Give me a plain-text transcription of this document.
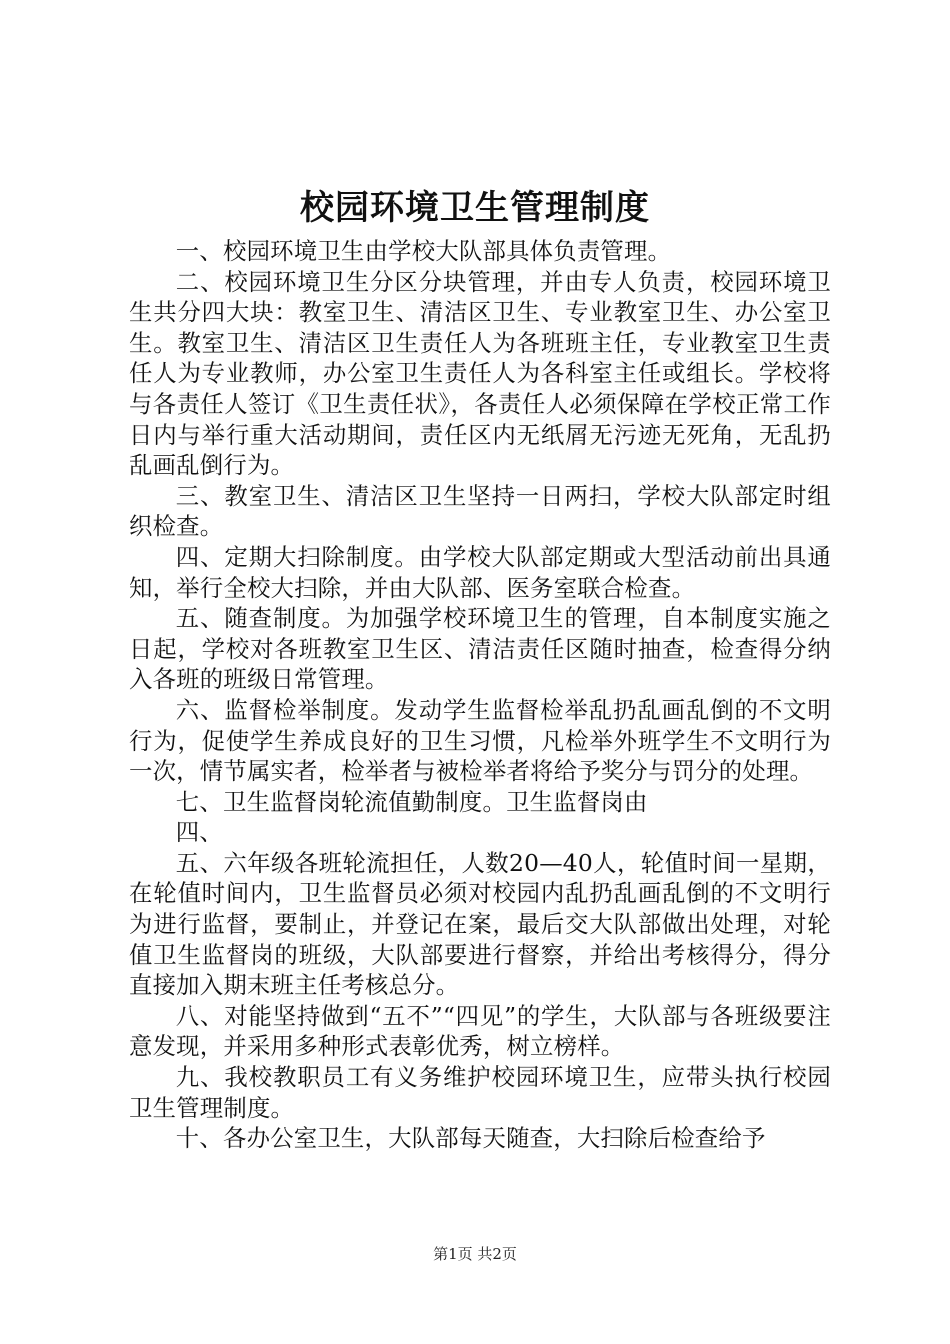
校园环境卫生管理制度

一、校园环境卫生由学校大队部具体负责管理。

二、校园环境卫生分区分块管理，并由专人负责，校园环境卫生共分四大块：教室卫生、清洁区卫生、专业教室卫生、办公室卫生。教室卫生、清洁区卫生责任人为各班班主任，专业教室卫生责任人为专业教师，办公室卫生责任人为各科室主任或组长。学校将与各责任人签订《卫生责任状》，各责任人必须保障在学校正常工作日内与举行重大活动期间，责任区内无纸屑无污迹无死角，无乱扔乱画乱倒行为。

三、教室卫生、清洁区卫生坚持一日两扫，学校大队部定时组织检查。

四、定期大扫除制度。由学校大队部定期或大型活动前出具通知，举行全校大扫除，并由大队部、医务室联合检查。

五、随查制度。为加强学校环境卫生的管理，自本制度实施之日起，学校对各班教室卫生区、清洁责任区随时抽查，检查得分纳入各班的班级日常管理。

六、监督检举制度。发动学生监督检举乱扔乱画乱倒的不文明行为，促使学生养成良好的卫生习惯，凡检举外班学生不文明行为一次，情节属实者，检举者与被检举者将给予奖分与罚分的处理。

七、卫生监督岗轮流值勤制度。卫生监督岗由

四、

五、六年级各班轮流担任，人数20—40人，轮值时间一星期，在轮值时间内，卫生监督员必须对校园内乱扔乱画乱倒的不文明行为进行监督，要制止，并登记在案，最后交大队部做出处理，对轮值卫生监督岗的班级，大队部要进行督察，并给出考核得分，得分直接加入期末班主任考核总分。

八、对能坚持做到“五不”“四见”的学生，大队部与各班级要注意发现，并采用多种形式表彰优秀，树立榜样。

九、我校教职员工有义务维护校园环境卫生，应带头执行校园卫生管理制度。

十、各办公室卫生，大队部每天随查，大扫除后检查给予

第1页 共2页
